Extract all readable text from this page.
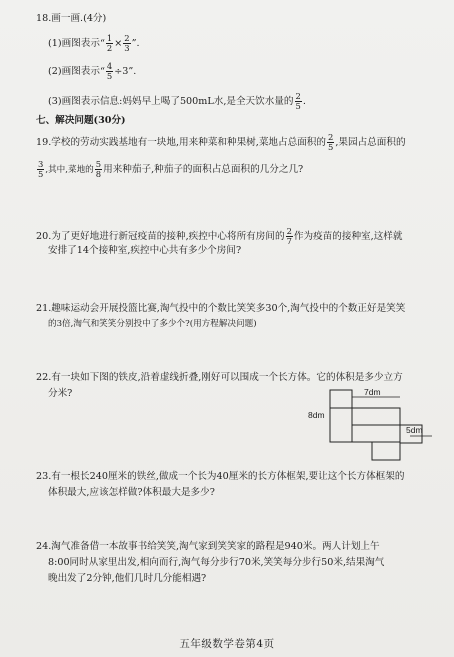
18.画一画.(4分)
(1)画图表示“ $\frac{1}{2} \times \frac{2}{3}$ ”.
(2)画图表示“ $\frac{4}{5} \div 3$”.
(3)画图表示信息:妈妈早上喝了500mL水,是全天饮水量的 $\frac{2}{5}$ .
七、解决问题(30分)
19.学校的劳动实践基地有一块地,用来种菜和种果树,菜地占总面积的 $\frac{2}{5}$ ,果园占总面积的
$\frac{3}{5}$ ,其中,菜地的 $\frac{5}{8}$ 用来种茄子,种茄子的面积占总面积的几分之几?
20.为了更好地进行新冠疫苗的接种,疾控中心将所有房间的 $\frac{2}{7}$ 作为疫苗的接种室,这样就
安排了14个接种室,疾控中心共有多少个房间?
21.趣味运动会开展投篮比赛,淘气投中的个数比笑笑多30个,淘气投中的个数正好是笑笑
的3倍,淘气和笑笑分别投中了多少个?(用方程解决问题)
22.有一块如下图的铁皮,沿着虚线折叠,刚好可以围成一个长方体。它的体积是多少立方
分米?
8dm
7dm
5dm
23.有一根长240厘米的铁丝,做成一个长为40厘米的长方体框架,要让这个长方体框架的
体积最大,应该怎样做?体积最大是多少?
24.淘气准备借一本故事书给笑笑,淘气家到笑笑家的路程是940米。两人计划上午
8:00同时从家里出发,相向而行,淘气每分步行70米,笑笑每分步行50米,结果淘气
晚出发了2分钟,他们几时几分能相遇?
五年级数学卷第4页
